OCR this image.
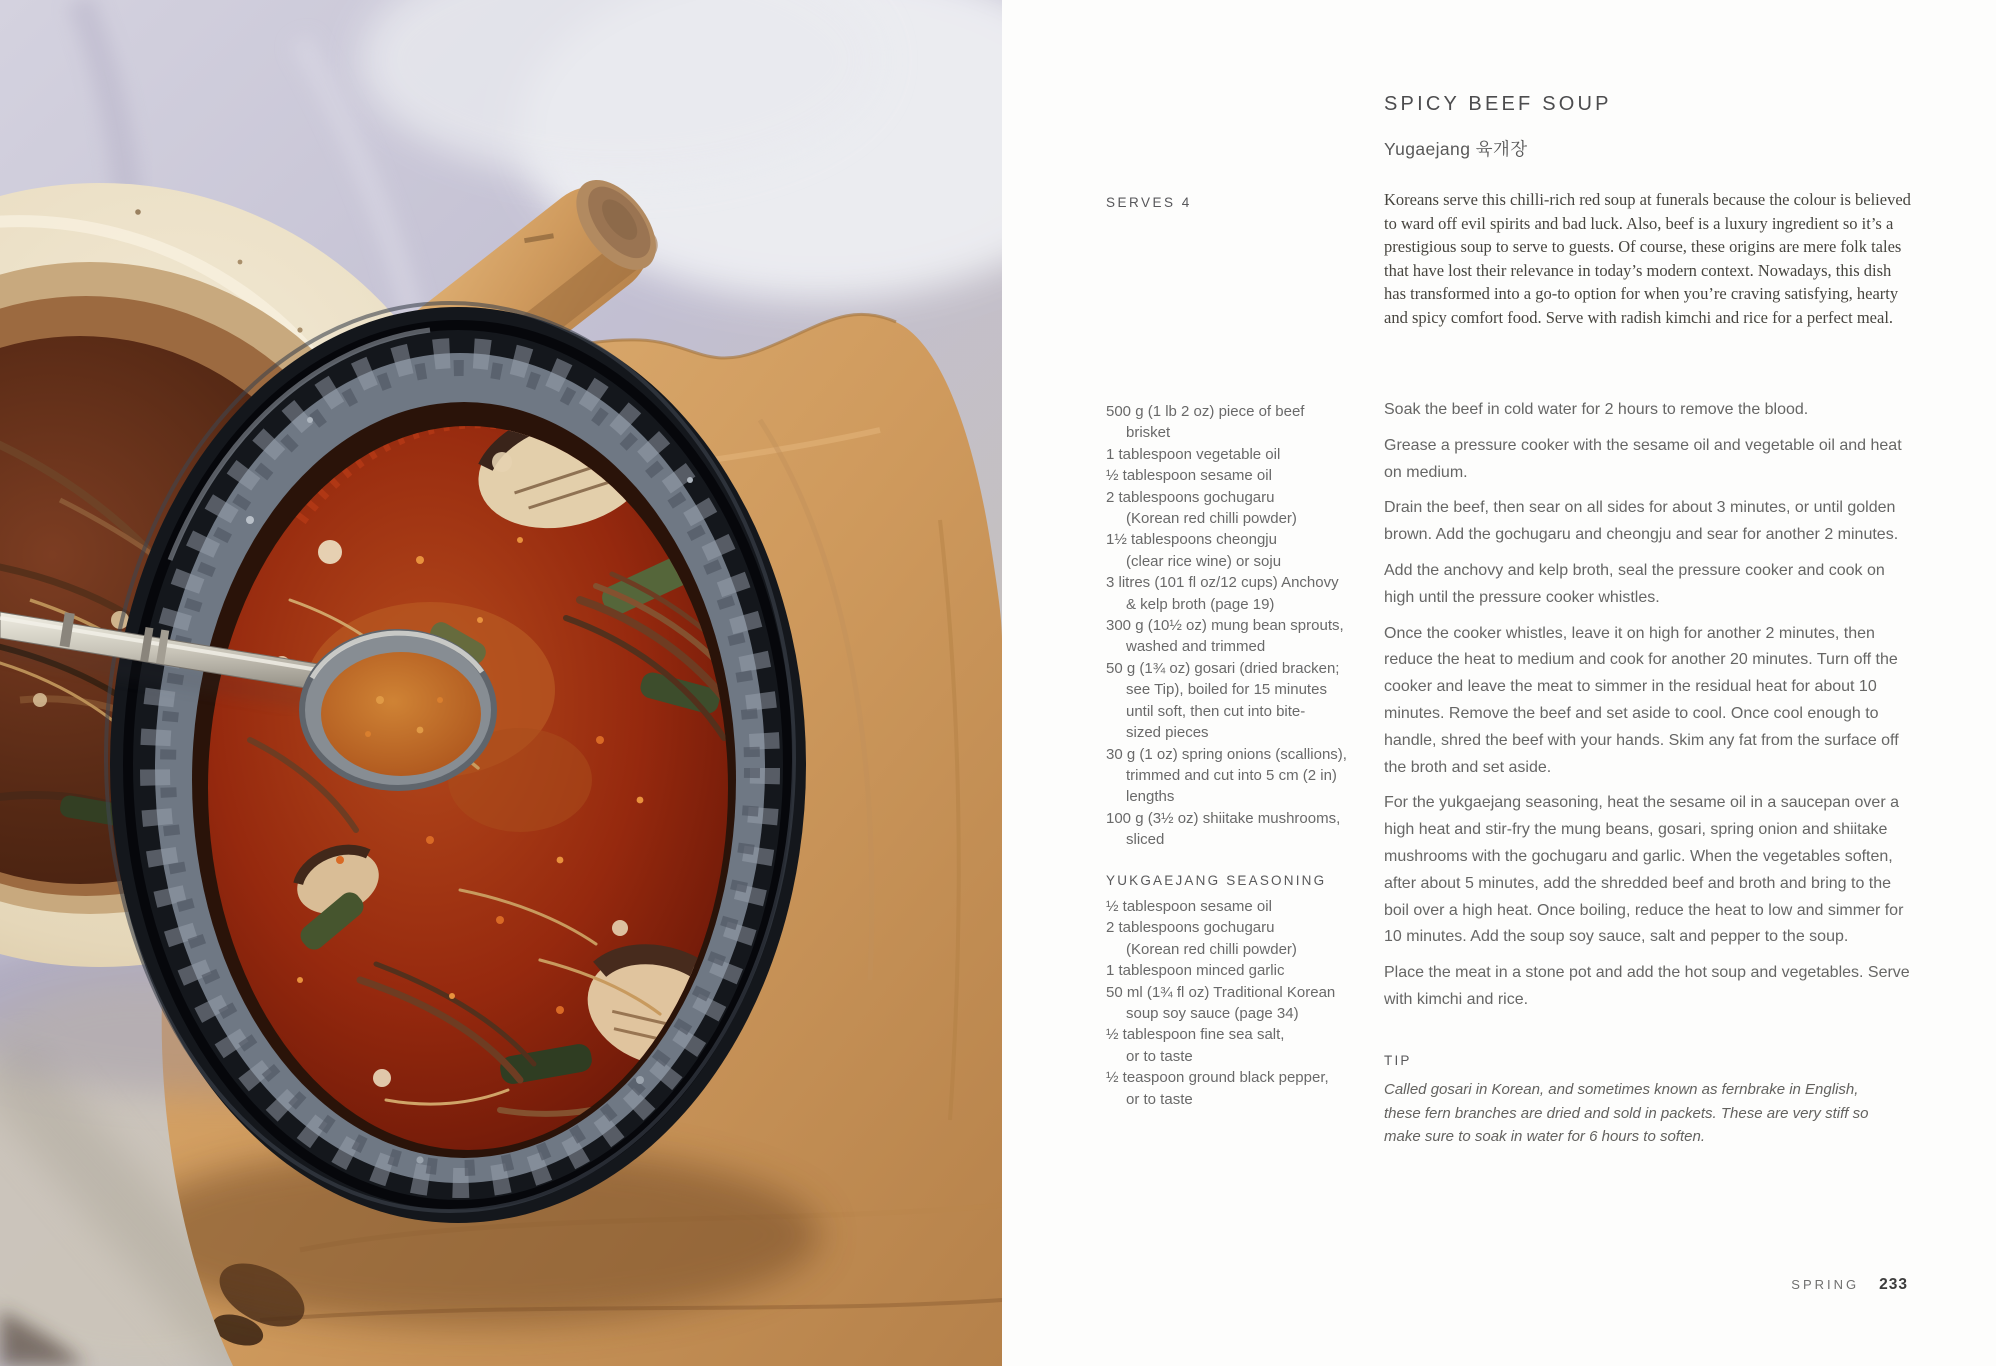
SPICY BEEF SOUP

Yugaejang 육개장

SERVES 4	Koreans serve this chilli-rich red soup at funerals because the colour is believed to ward off evil spirits and bad luck. Also, beef is a luxury ingredient so it’s a prestigious soup to serve to guests. Of course, these origins are mere folk tales that have lost their relevance in today’s modern context. Nowadays, this dish has transformed into a go-to option for when you’re craving satisfying, hearty and spicy comfort food. Serve with radish kimchi and rice for a perfect meal.

500 g (1 lb 2 oz) piece of beef
brisket
1 tablespoon vegetable oil
½ tablespoon sesame oil
2 tablespoons gochugaru
(Korean red chilli powder)
1½ tablespoons cheongju
(clear rice wine) or soju
3 litres (101 fl oz/12 cups) Anchovy
& kelp broth (page 19)
300 g (10½ oz) mung bean sprouts,
washed and trimmed
50 g (1¾ oz) gosari (dried bracken;
see Tip), boiled for 15 minutes
until soft, then cut into bite-
sized pieces
30 g (1 oz) spring onions (scallions),
trimmed and cut into 5 cm (2 in)
lengths
100 g (3½ oz) shiitake mushrooms,
sliced
YUKGAEJANG SEASONING
½ tablespoon sesame oil
2 tablespoons gochugaru
(Korean red chilli powder)
1 tablespoon minced garlic
50 ml (1¾ fl oz) Traditional Korean
soup soy sauce (page 34)
½ tablespoon fine sea salt,
or to taste
½ teaspoon ground black pepper,
or to taste

Soak the beef in cold water for 2 hours to remove the blood.

Grease a pressure cooker with the sesame oil and vegetable oil and heat on medium.

Drain the beef, then sear on all sides for about 3 minutes, or until golden brown. Add the gochugaru and cheongju and sear for another 2 minutes.

Add the anchovy and kelp broth, seal the pressure cooker and cook on high until the pressure cooker whistles.

Once the cooker whistles, leave it on high for another 2 minutes, then reduce the heat to medium and cook for another 20 minutes. Turn off the cooker and leave the meat to simmer in the residual heat for about 10 minutes. Remove the beef and set aside to cool. Once cool enough to handle, shred the beef with your hands. Skim any fat from the surface off the broth and set aside.

For the yukgaejang seasoning, heat the sesame oil in a saucepan over a high heat and stir-fry the mung beans, gosari, spring onion and shiitake mushrooms with the gochugaru and garlic. When the vegetables soften, after about 5 minutes, add the shredded beef and broth and bring to the boil over a high heat. Once boiling, reduce the heat to low and simmer for 10 minutes. Add the soup soy sauce, salt and pepper to the soup.

Place the meat in a stone pot and add the hot soup and vegetables. Serve with kimchi and rice.

TIP

Called gosari in Korean, and sometimes known as fernbrake in English, these fern branches are dried and sold in packets. These are very stiff so make sure to soak in water for 6 hours to soften.

SPRING 233
